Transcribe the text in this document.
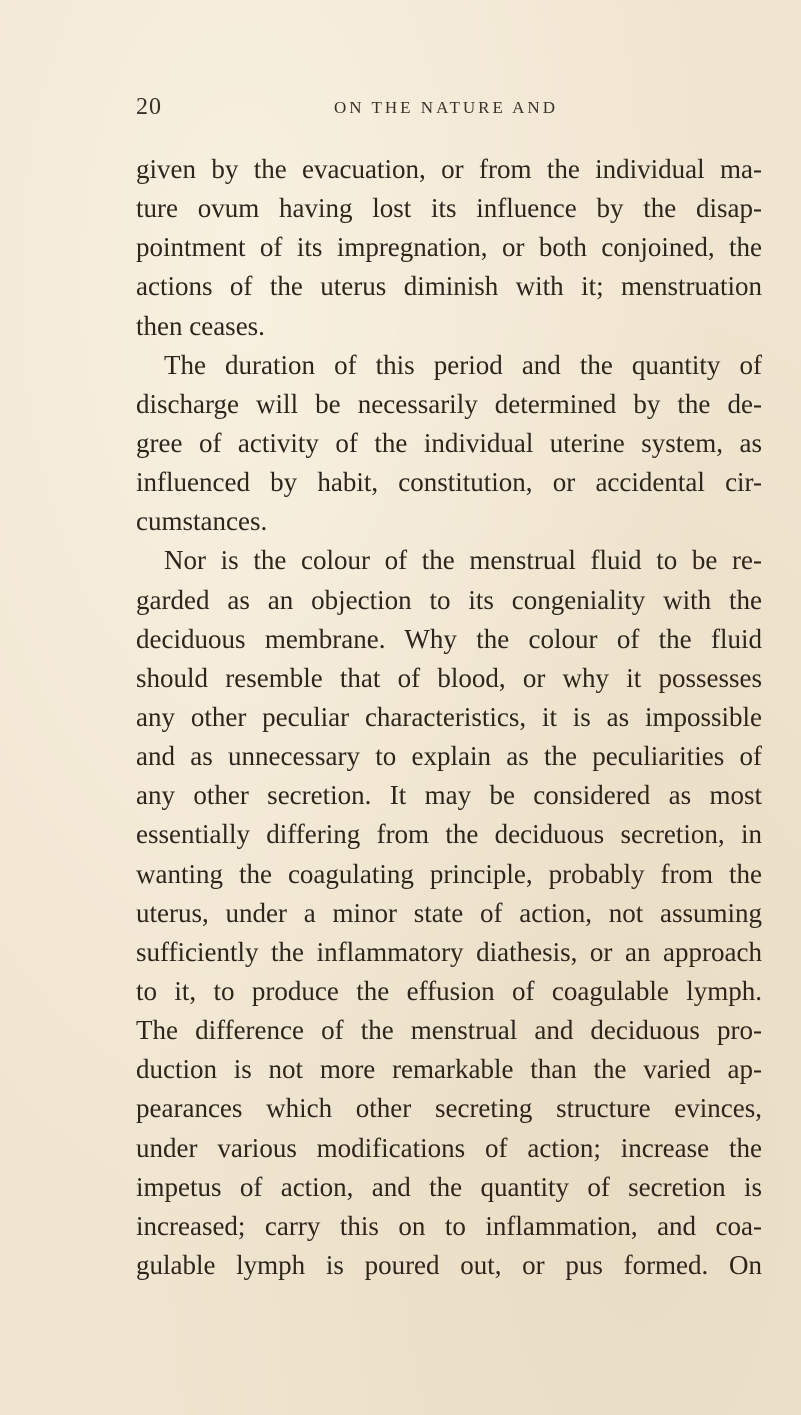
20	ON THE NATURE AND
given by the evacuation, or from the individual ma-
ture ovum having lost its influence by the disap-
pointment of its impregnation, or both conjoined, the
actions of the uterus diminish with it; menstruation
then ceases.
The duration of this period and the quantity of
discharge will be necessarily determined by the de-
gree of activity of the individual uterine system, as
influenced by habit, constitution, or accidental cir-
cumstances.
Nor is the colour of the menstrual fluid to be re-
garded as an objection to its congeniality with the
deciduous membrane. Why the colour of the fluid
should resemble that of blood, or why it possesses
any other peculiar characteristics, it is as impossible
and as unnecessary to explain as the peculiarities of
any other secretion. It may be considered as most
essentially differing from the deciduous secretion, in
wanting the coagulating principle, probably from the
uterus, under a minor state of action, not assuming
sufficiently the inflammatory diathesis, or an approach
to it, to produce the effusion of coagulable lymph.
The difference of the menstrual and deciduous pro-
duction is not more remarkable than the varied ap-
pearances which other secreting structure evinces,
under various modifications of action; increase the
impetus of action, and the quantity of secretion is
increased; carry this on to inflammation, and coa-
gulable lymph is poured out, or pus formed. On
